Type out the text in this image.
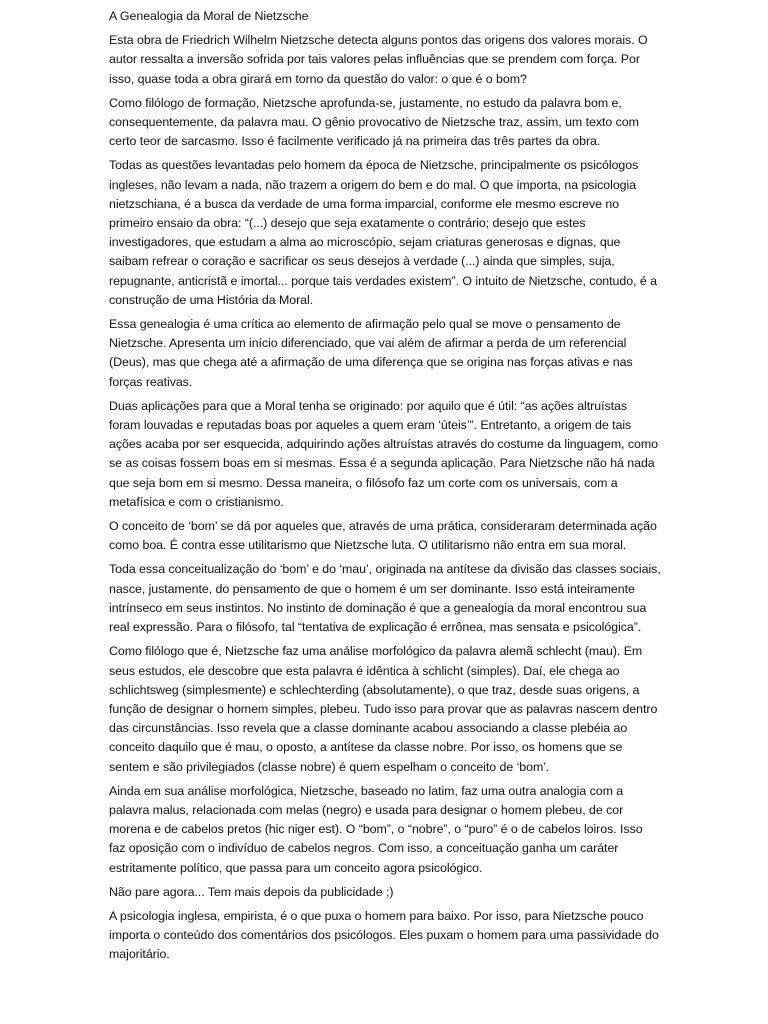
A Genealogia da Moral de Nietzsche

Esta obra de Friedrich Wilhelm Nietzsche detecta alguns pontos das origens dos valores morais. O autor ressalta a inversão sofrida por tais valores pelas influências que se prendem com força. Por isso, quase toda a obra girará em torno da questão do valor: o que é o bom?

Como filólogo de formação, Nietzsche aprofunda-se, justamente, no estudo da palavra bom e, consequentemente, da palavra mau. O gênio provocativo de Nietzsche traz, assim, um texto com certo teor de sarcasmo. Isso é facilmente verificado já na primeira das três partes da obra.

Todas as questões levantadas pelo homem da época de Nietzsche, principalmente os psicólogos ingleses, não levam a nada, não trazem a origem do bem e do mal. O que importa, na psicologia nietzschiana, é a busca da verdade de uma forma imparcial, conforme ele mesmo escreve no primeiro ensaio da obra: “(...) desejo que seja exatamente o contrário; desejo que estes investigadores, que estudam a alma ao microscópio, sejam criaturas generosas e dignas, que saibam refrear o coração e sacrificar os seus desejos à verdade (...) ainda que simples, suja, repugnante, anticristã e imortal... porque tais verdades existem”. O intuito de Nietzsche, contudo, é a construção de uma História da Moral.

Essa genealogia é uma crítica ao elemento de afirmação pelo qual se move o pensamento de Nietzsche. Apresenta um início diferenciado, que vai além de afirmar a perda de um referencial (Deus), mas que chega até a afirmação de uma diferença que se origina nas forças ativas e nas forças reativas.

Duas aplicações para que a Moral tenha se originado: por aquilo que é útil: “as ações altruístas foram louvadas e reputadas boas por aqueles a quem eram ‘úteis’”. Entretanto, a origem de tais ações acaba por ser esquecida, adquirindo ações altruístas através do costume da linguagem, como se as coisas fossem boas em si mesmas. Essa é a segunda aplicação. Para Nietzsche não há nada que seja bom em si mesmo. Dessa maneira, o filósofo faz um corte com os universais, com a metafísica e com o cristianismo.

O conceito de ‘bom’ se dá por aqueles que, através de uma prática, consideraram determinada ação como boa. É contra esse utilitarismo que Nietzsche luta. O utilitarismo não entra em sua moral.

Toda essa conceitualização do ‘bom’ e do ‘mau’, originada na antítese da divisão das classes sociais, nasce, justamente, do pensamento de que o homem é um ser dominante. Isso está inteiramente intrínseco em seus instintos. No instinto de dominação é que a genealogia da moral encontrou sua real expressão. Para o filósofo, tal “tentativa de explicação é errônea, mas sensata e psicológica”.

Como filólogo que é, Nietzsche faz uma análise morfológico da palavra alemã schlecht (mau). Em seus estudos, ele descobre que esta palavra é idêntica à schlicht (simples). Daí, ele chega ao schlichtsweg (simplesmente) e schlechterding (absolutamente), o que traz, desde suas origens, a função de designar o homem simples, plebeu. Tudo isso para provar que as palavras nascem dentro das circunstâncias. Isso revela que a classe dominante acabou associando a classe plebéia ao conceito daquilo que é mau, o oposto, a antítese da classe nobre. Por isso, os homens que se sentem e são privilegiados (classe nobre) é quem espelham o conceito de ‘bom’.

Ainda em sua análise morfológica, Nietzsche, baseado no latim, faz uma outra analogia com a palavra malus, relacionada com melas (negro) e usada para designar o homem plebeu, de cor morena e de cabelos pretos (hic niger est). O “bom”, o “nobre”, o “puro” é o de cabelos loiros. Isso faz oposição com o indivíduo de cabelos negros. Com isso, a conceituação ganha um caráter estritamente político, que passa para um conceito agora psicológico.

Não pare agora... Tem mais depois da publicidade ;)

A psicologia inglesa, empirista, é o que puxa o homem para baixo. Por isso, para Nietzsche pouco importa o conteúdo dos comentários dos psicólogos. Eles puxam o homem para uma passividade do majoritário.
